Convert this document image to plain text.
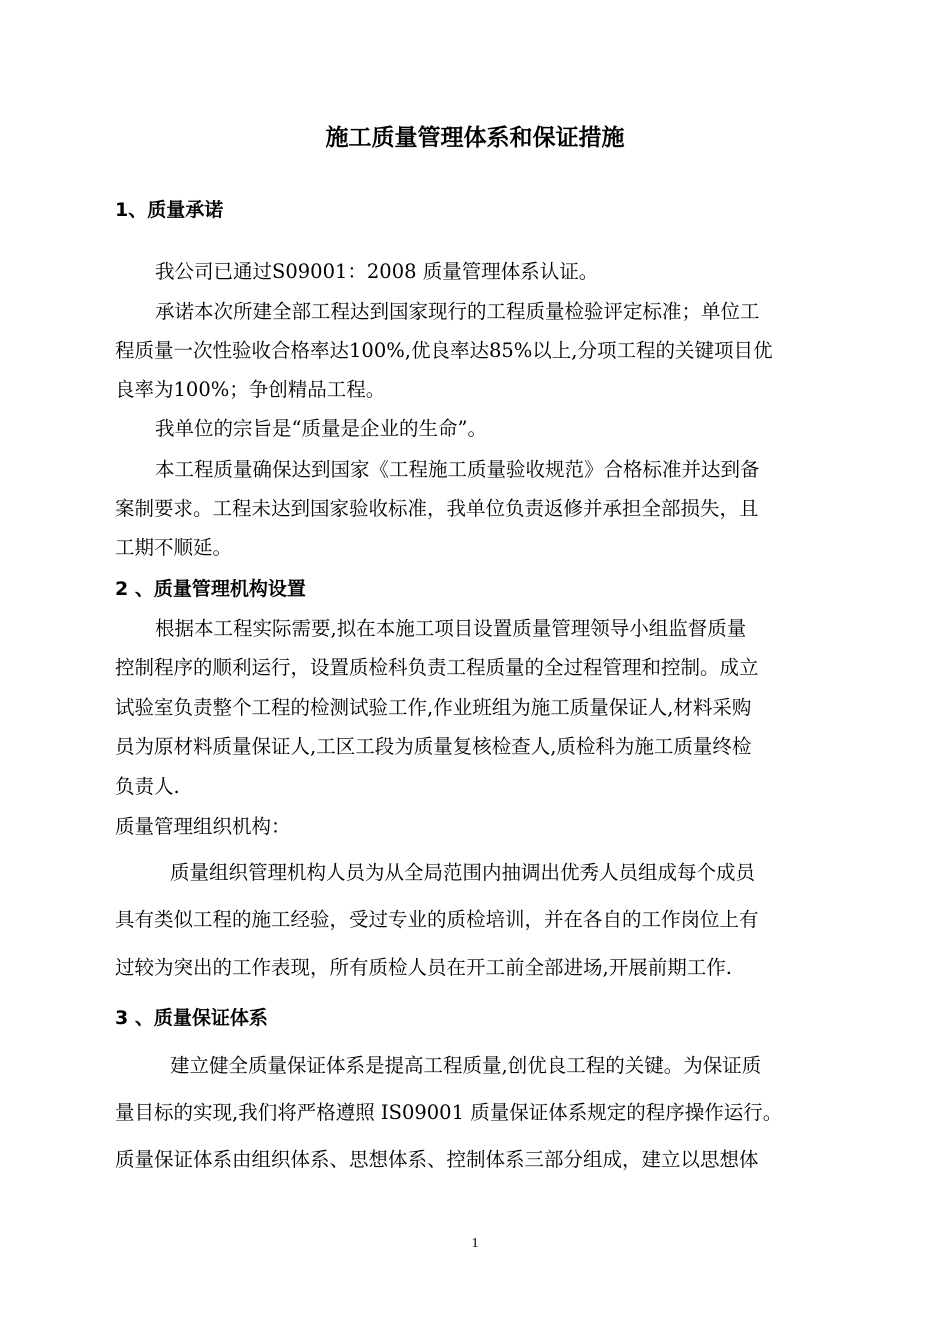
施工质量管理体系和保证措施
1、质量承诺

我公司已通过S09001：2008 质量管理体系认证。

承诺本次所建全部工程达到国家现行的工程质量检验评定标准；单位工

程质量一次性验收合格率达100%,优良率达85%以上,分项工程的关键项目优

良率为100%；争创精品工程。

我单位的宗旨是“质量是企业的生命”。

本工程质量确保达到国家《工程施工质量验收规范》合格标准并达到备

案制要求。工程未达到国家验收标准，我单位负责返修并承担全部损失，且

工期不顺延。

2 、质量管理机构设置

根据本工程实际需要,拟在本施工项目设置质量管理领导小组监督质量

控制程序的顺利运行，设置质检科负责工程质量的全过程管理和控制。成立

试验室负责整个工程的检测试验工作,作业班组为施工质量保证人,材料采购

员为原材料质量保证人,工区工段为质量复核检查人,质检科为施工质量终检

负责人.

质量管理组织机构：

质量组织管理机构人员为从全局范围内抽调出优秀人员组成每个成员

具有类似工程的施工经验，受过专业的质检培训，并在各自的工作岗位上有

过较为突出的工作表现，所有质检人员在开工前全部进场,开展前期工作.

3 、质量保证体系

建立健全质量保证体系是提高工程质量,创优良工程的关键。为保证质

量目标的实现,我们将严格遵照 IS09001 质量保证体系规定的程序操作运行。

质量保证体系由组织体系、思想体系、控制体系三部分组成，建立以思想体

1
